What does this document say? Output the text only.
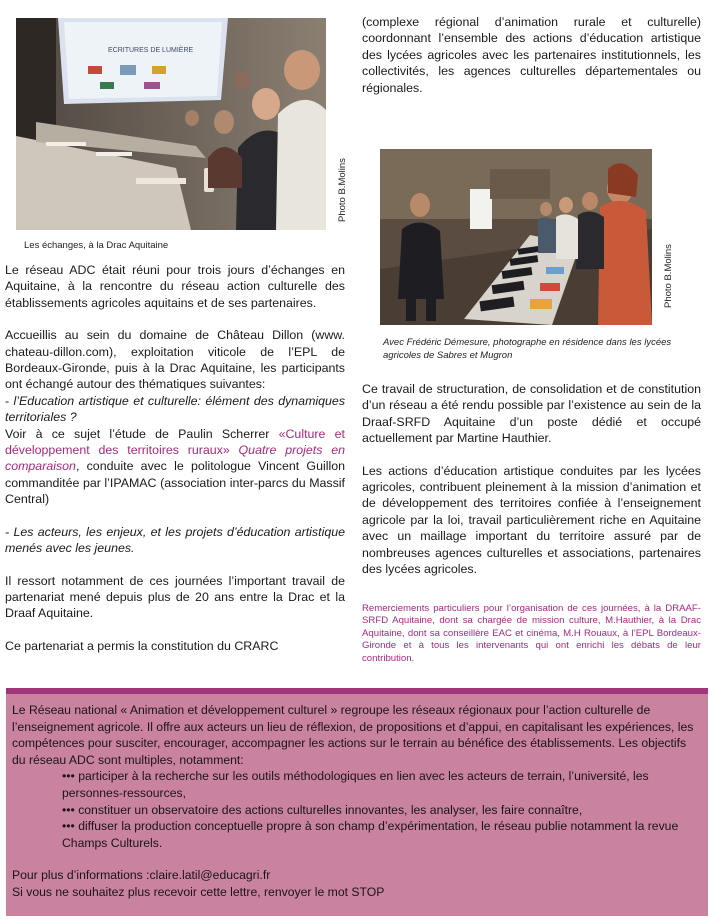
ECRITURES DE LUMIÈRE
Photo B.Molins
Les échanges, à la Drac Aquitaine	Photo B.Molins
Avec Frédéric Démesure, photographe en résidence dans les lycées agricoles de Sabres et Mugron

Le réseau ADC était réuni pour trois jours d’échanges en Aquitaine, à la rencontre du réseau action culturelle des établissements agricoles aquitains et de ses partenaires.

Accueillis au sein du domaine de Château Dillon (www. chateau-dillon.com), exploitation viticole de l’EPL de Bordeaux-Gironde, puis à la Drac Aquitaine, les participants ont échangé autour des thématiques suivantes:

- l’Education artistique et culturelle: élément des dynamiques territoriales ?

Voir à ce sujet l’étude de Paulin Scherrer «Culture et développement des territoires ruraux» Quatre projets en comparaison, conduite avec le politologue Vincent Guillon commanditée par l’IPAMAC (association inter-parcs du Massif Central)

- Les acteurs, les enjeux, et les projets d’éducation artistique menés avec les jeunes.

Il ressort notamment de ces journées l’important travail de partenariat mené depuis plus de 20 ans entre la Drac et la Draaf Aquitaine.

Ce partenariat a permis la constitution du CRARC

(complexe régional d’animation rurale et culturelle) coordonnant l’ensemble des actions d’éducation artistique des lycées agricoles avec les partenaires institutionnels, les collectivités, les agences culturelles départementales ou régionales.

Ce travail de structuration, de consolidation et de constitution d’un réseau a été rendu possible par l’existence au sein de la Draaf-SRFD Aquitaine d’un poste dédié et occupé actuellement par Martine Hauthier.

Les actions d’éducation artistique conduites par les lycées agricoles, contribuent pleinement à la mission d’animation et de développement des territoires confiée à l’enseignement agricole par la loi, travail particulièrement riche en Aquitaine avec un maillage important du territoire assuré par de nombreuses agences culturelles et associations, partenaires des lycées agricoles.

Remerciements particuliers pour l’organisation de ces journées, à la DRAAF-SRFD Aquitaine, dont sa chargée de mission culture, M.Hauthier, à la Drac Aquitaine, dont sa conseillère EAC et cinéma, M.H Rouaux, à l’EPL Bordeaux-Gironde et à tous les intervenants qui ont enrichi les débats de leur contribution.
Le Réseau national « Animation et développement culturel » regroupe les réseaux régionaux pour l’action culturelle de l’enseignement agricole. Il offre aux acteurs un lieu de réflexion, de propositions et d’appui, en capitalisant les expériences, les compétences pour susciter, encourager, accompagner les actions sur le terrain au bénéfice des établissements. Les objectifs du réseau ADC sont multiples, notamment:
••• participer à la recherche sur les outils méthodologiques en lien avec les acteurs de terrain, l’université, les personnes-ressources,
••• constituer un observatoire des actions culturelles innovantes, les analyser, les faire connaître,
••• diffuser la production conceptuelle propre à son champ d’expérimentation, le réseau publie notamment la revue Champs Culturels.
Pour plus d’informations :claire.latil@educagri.fr
Si vous ne souhaitez plus recevoir cette lettre, renvoyer le mot STOP
